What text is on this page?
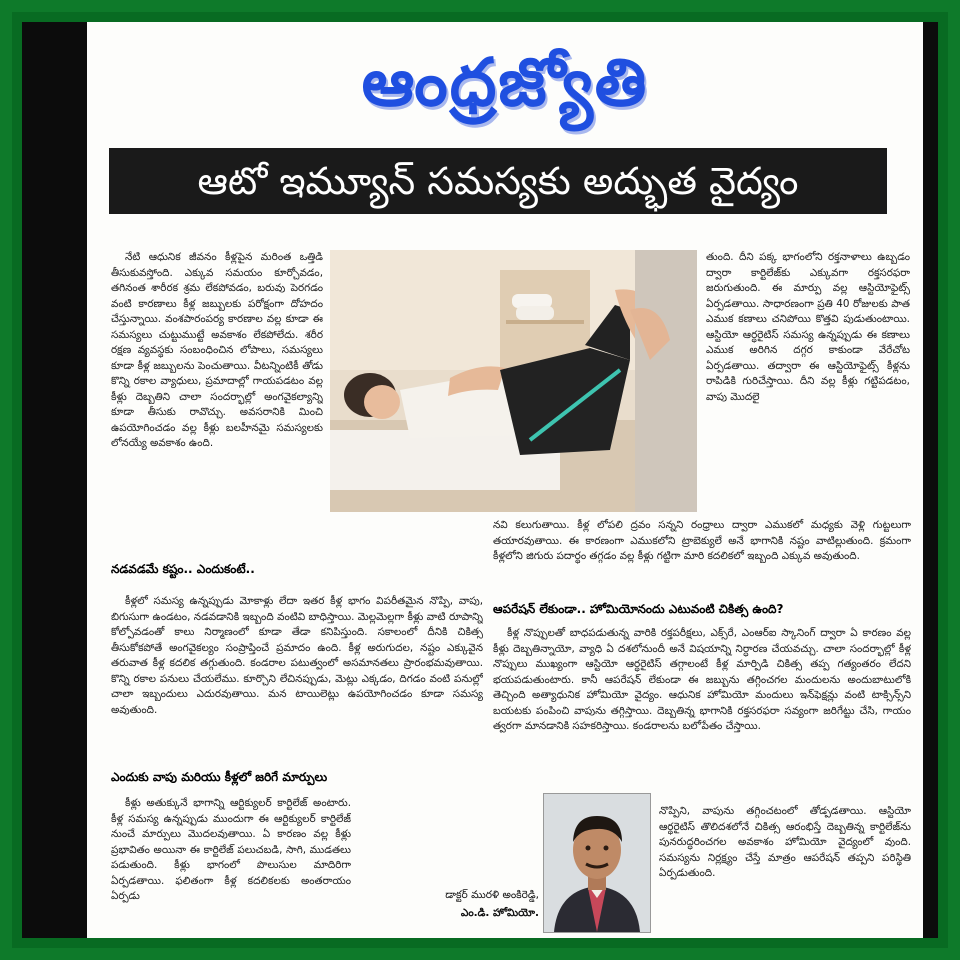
ఆంధ్రజ్యోతి
ఆటో ఇమ్యూన్ సమస్యకు అద్భుత వైద్యం

నేటి ఆధునిక జీవనం కీళ్లపైన మరింత ఒత్తిడి తీసుకువస్తోంది. ఎక్కువ సమయం కూర్చోవడం, తగినంత శారీరక శ్రమ లేకపోవడం, బరువు పెరగడం వంటి కారణాలు కీళ్ల జబ్బులకు పరోక్షంగా దోహదం చేస్తున్నాయి. వంశపారంపర్య కారణాల వల్ల కూడా ఈ సమస్యలు చుట్టుముట్టే అవకాశం లేకపోలేదు. శరీర రక్షణ వ్యవస్థకు సంబంధించిన లోపాలు, సమస్యలు కూడా కీళ్ల జబ్బులను పెంచుతాయి. వీటన్నింటికీ తోడు కొన్ని రకాల వ్యాధులు, ప్రమాదాల్లో గాయపడటం వల్ల కీళ్లు దెబ్బతిని చాలా సందర్భాల్లో అంగవైకల్యాన్ని కూడా తీసుకు రావొచ్చు. అవసరానికి మించి ఉపయోగించడం వల్ల కీళ్లు బలహీనమై సమస్యలకు లోనయ్యే అవకాశం ఉంది.

తుంది. దీని పక్క భాగంలోని రక్తనాళాలు ఉబ్బడం ద్వారా కార్టిలేజ్‌కు ఎక్కువగా రక్తసరఫరా జరుగుతుంది. ఈ మార్పు వల్ల ఆస్టియోఫైట్స్ ఏర్పడతాయి. సాధారణంగా ప్రతి 40 రోజులకు పాత ఎముక కణాలు చనిపోయి కొత్తవి పుడుతుంటాయి. ఆస్టియో ఆర్థరైటిస్ సమస్య ఉన్నప్పుడు ఈ కణాలు ఎముక అరిగిన దగ్గర కాకుండా వేరేచోట ఏర్పడతాయి. తద్వారా ఈ ఆస్టియోఫైట్స్ కీళ్లను రాపిడికి గురిచేస్తాయి. దీని వల్ల కీళ్లు గట్టిపడటం, వాపు మొదలై

నవి కలుగుతాయి. కీళ్ల లోపలి ద్రవం సన్నని రంధ్రాలు ద్వారా ఎముకలో మధ్యకు వెళ్లి గుట్టలుగా తయారవుతాయి. ఈ కారణంగా ఎముకలోని ట్రాబెక్యులే అనే భాగానికి నష్టం వాటిల్లుతుంది. క్రమంగా కీళ్లలోని జిగురు పదార్థం తగ్గడం వల్ల కీళ్లు గట్టిగా మారి కదలికలో ఇబ్బంది ఎక్కువ అవుతుంది.

నడవడమే కష్టం.. ఎందుకంటే..

కీళ్లలో సమస్య ఉన్నప్పుడు మోకాళ్లు లేదా ఇతర కీళ్ల భాగం విపరీతమైన నొప్పి, వాపు, బిగుసుగా ఉండటం, నడవడానికి ఇబ్బంది వంటివి బాధిస్తాయి. మెల్లమెల్లగా కీళ్లు వాటి రూపాన్ని కోల్పోవడంతో కాలు నిర్మాణంలో కూడా తేడా కనిపిస్తుంది. సకాలంలో దీనికి చికిత్స తీసుకోకపోతే అంగవైకల్యం సంప్రాప్తించే ప్రమాదం ఉంది. కీళ్ల అరుగుదల, నష్టం ఎక్కువైన తరువాత కీళ్ల కదలిక తగ్గుతుంది. కండరాల పటుత్వంలో అసమానతలు ప్రారంభమవుతాయి. కొన్ని రకాల పనులు చేయలేము. కూర్చొని లేచినప్పుడు, మెట్లు ఎక్కడం, దిగడం వంటి పనుల్లో చాలా ఇబ్బందులు ఎదురవుతాయి. మన టాయిలెట్లు ఉపయోగించడం కూడా సమస్య అవుతుంది.

ఎందుకు వాపు మరియు కీళ్లలో జరిగే మార్పులు

కీళ్లు అతుక్కునే భాగాన్ని ఆర్టిక్యులర్ కార్టిలేజ్ అంటారు. కీళ్ల సమస్య ఉన్నప్పుడు ముందుగా ఈ ఆర్టిక్యులర్ కార్టిలేజ్ నుంచే మార్పులు మొదలవుతాయి. ఏ కారణం వల్ల కీళ్లు ప్రభావితం అయినా ఈ కార్టిలేజ్ పలుచబడి, సాగి, ముడతలు పడుతుంది. కీళ్లు భాగంలో పొలుసుల మాదిరిగా ఏర్పడతాయి. ఫలితంగా కీళ్ల కదలికలకు అంతరాయం ఏర్పడు

ఆపరేషన్ లేకుండా.. హోమియోనందు ఎటువంటి చికిత్స ఉంది?

కీళ్ల నొప్పులతో బాధపడుతున్న వారికి రక్తపరీక్షలు, ఎక్స్‌రే, ఎంఆర్ఐ స్కానింగ్ ద్వారా ఏ కారణం వల్ల కీళ్లు దెబ్బతిన్నాయో, వ్యాధి ఏ దశలోనుందీ అనే విషయాన్ని నిర్ధారణ చేయవచ్చు. చాలా సందర్భాల్లో కీళ్ల నొప్పులు ముఖ్యంగా ఆస్టియో ఆర్థరైటిస్ తగ్గాలంటే కీళ్ల మార్పిడి చికిత్స తప్ప గత్యంతరం లేదని భయపడుతుంటారు. కానీ ఆపరేషన్ లేకుండా ఈ జబ్బును తగ్గించగల మందులను అందుబాటులోకి తెచ్చింది అత్యాధునిక హోమియో వైద్యం. ఆధునిక హోమియో మందులు ఇన్‌ఫెక్షన్లు వంటి టాక్సిన్స్‌ని బయటకు పంపించి వాపును తగ్గిస్తాయి. దెబ్బతిన్న భాగానికి రక్తసరఫరా సవ్యంగా జరిగేట్టు చేసి, గాయం త్వరగా మానడానికి సహకరిస్తాయి. కండరాలను బలోపేతం చేస్తాయి.

నొప్పిని, వాపును తగ్గించటంలో తోడ్పడతాయి. ఆస్టియో ఆర్థరైటిస్ తొలిదశలోనే చికిత్స ఆరంభిస్తే దెబ్బతిన్న కార్టిలేజ్‌ను పునరుద్ధరించగల అవకాశం హోమియో వైద్యంలో వుంది. సమస్యను నిర్లక్ష్యం చేస్తే మాత్రం ఆపరేషన్ తప్పని పరిస్థితి ఏర్పడుతుంది.

డాక్టర్ మురళి అంకిరెడ్డి,
ఎం.డి. హోమియో.
